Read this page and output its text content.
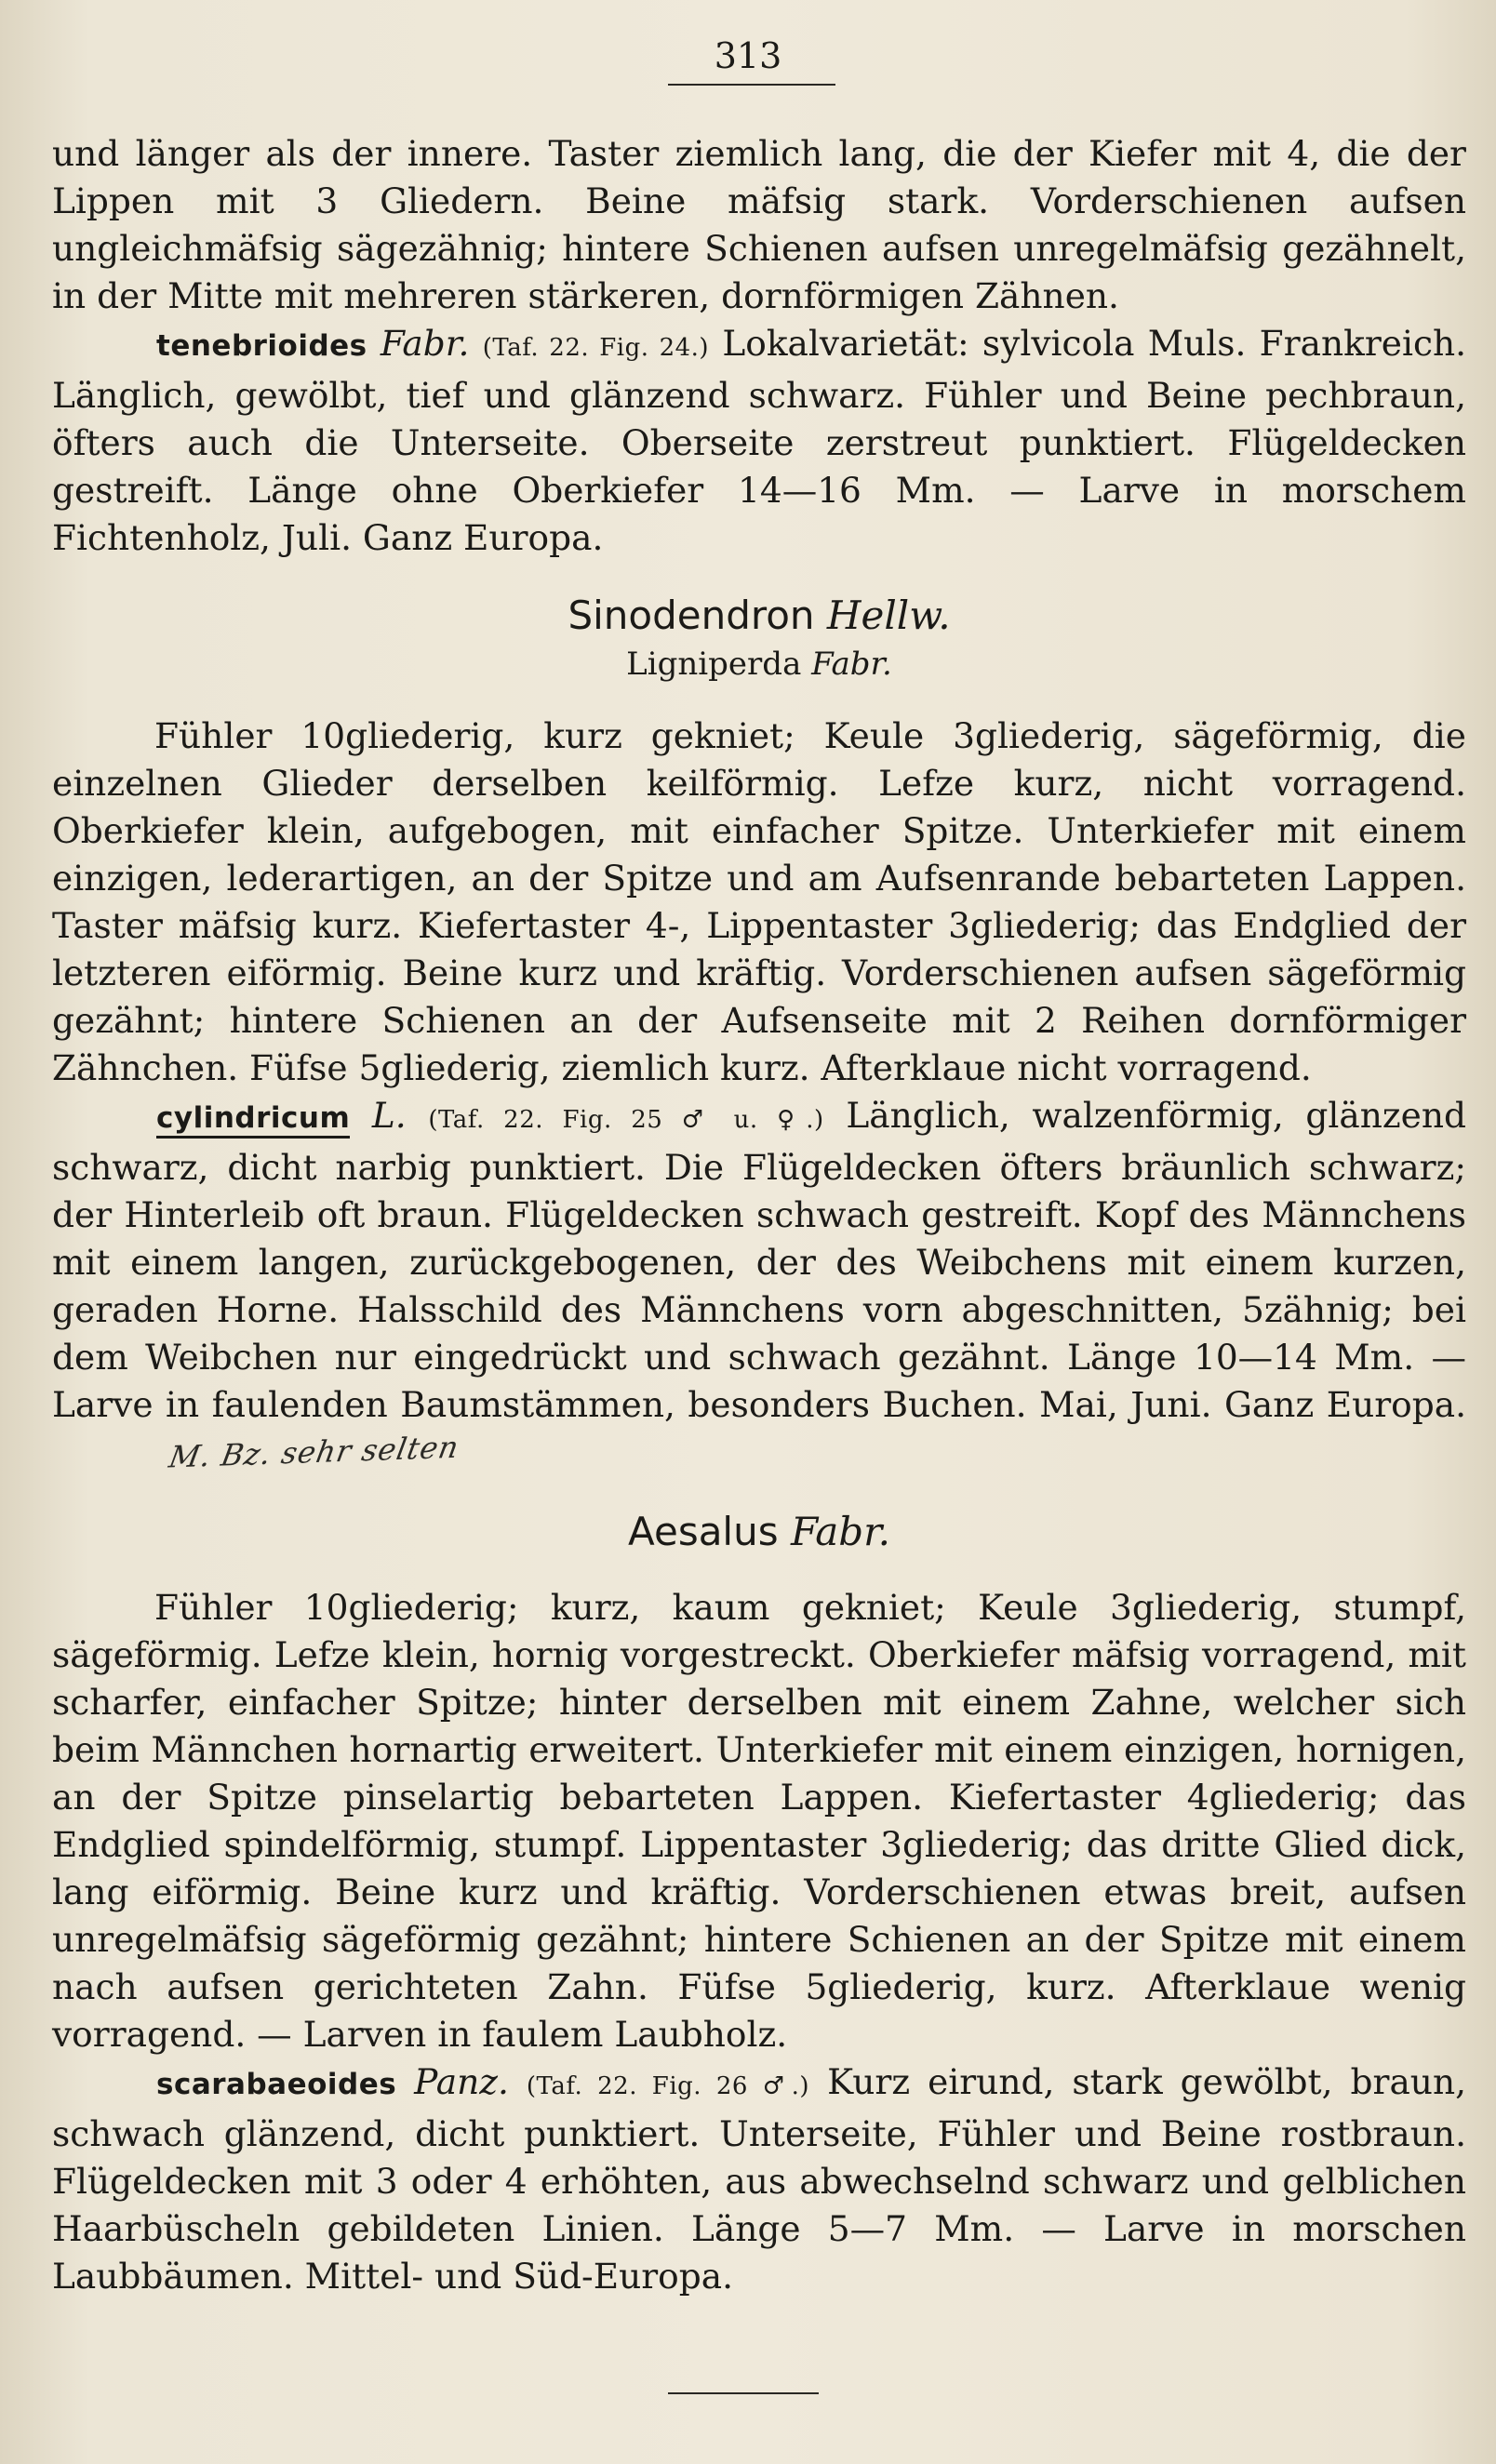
313

und länger als der innere. Taster ziemlich lang, die der Kiefer mit 4, die der Lippen mit 3 Gliedern. Beine mäfsig stark. Vorderschienen aufsen ungleichmäfsig sägezähnig; hintere Schienen aufsen unregelmäfsig gezähnelt, in der Mitte mit mehreren stärkeren, dornförmigen Zähnen.

tenebrioides Fabr. (Taf. 22. Fig. 24.) Lokalvarietät: sylvicola Muls. Frankreich. Länglich, gewölbt, tief und glänzend schwarz. Fühler und Beine pechbraun, öfters auch die Unterseite. Oberseite zerstreut punktiert. Flügeldecken gestreift. Länge ohne Oberkiefer 14—16 Mm. — Larve in morschem Fichtenholz, Juli. Ganz Europa.

Sinodendron Hellw.
Ligniperda Fabr.

Fühler 10gliederig, kurz gekniet; Keule 3gliederig, sägeförmig, die einzelnen Glieder derselben keilförmig. Lefze kurz, nicht vorragend. Oberkiefer klein, aufgebogen, mit einfacher Spitze. Unterkiefer mit einem einzigen, lederartigen, an der Spitze und am Aufsenrande bebarteten Lappen. Taster mäfsig kurz. Kiefertaster 4-, Lippentaster 3gliederig; das Endglied der letzteren eiförmig. Beine kurz und kräftig. Vorderschienen aufsen sägeförmig gezähnt; hintere Schienen an der Aufsenseite mit 2 Reihen dornförmiger Zähnchen. Füfse 5gliederig, ziemlich kurz. Afterklaue nicht vorragend.

cylindricum L. (Taf. 22. Fig. 25 ♂ u. ♀.) Länglich, walzenförmig, glänzend schwarz, dicht narbig punktiert. Die Flügeldecken öfters bräunlich schwarz; der Hinterleib oft braun. Flügeldecken schwach gestreift. Kopf des Männchens mit einem langen, zurückgebogenen, der des Weibchens mit einem kurzen, geraden Horne. Halsschild des Männchens vorn abgeschnitten, 5zähnig; bei dem Weibchen nur eingedrückt und schwach gezähnt. Länge 10—14 Mm. — Larve in faulenden Baumstämmen, besonders Buchen. Mai, Juni. Ganz Europa.M. Bz. sehr selten

Aesalus Fabr.

Fühler 10gliederig; kurz, kaum gekniet; Keule 3gliederig, stumpf, sägeförmig. Lefze klein, hornig vorgestreckt. Oberkiefer mäfsig vorragend, mit scharfer, einfacher Spitze; hinter derselben mit einem Zahne, welcher sich beim Männchen hornartig erweitert. Unterkiefer mit einem einzigen, hornigen, an der Spitze pinselartig bebarteten Lappen. Kiefertaster 4gliederig; das Endglied spindelförmig, stumpf. Lippentaster 3gliederig; das dritte Glied dick, lang eiförmig. Beine kurz und kräftig. Vorderschienen etwas breit, aufsen unregelmäfsig sägeförmig gezähnt; hintere Schienen an der Spitze mit einem nach aufsen gerichteten Zahn. Füfse 5gliederig, kurz. Afterklaue wenig vorragend. — Larven in faulem Laubholz.

scarabaeoides Panz. (Taf. 22. Fig. 26 ♂.) Kurz eirund, stark gewölbt, braun, schwach glänzend, dicht punktiert. Unterseite, Fühler und Beine rostbraun. Flügeldecken mit 3 oder 4 erhöhten, aus abwechselnd schwarz und gelblichen Haarbüscheln gebildeten Linien. Länge 5—7 Mm. — Larve in morschen Laubbäumen. Mittel- und Süd-Europa.
